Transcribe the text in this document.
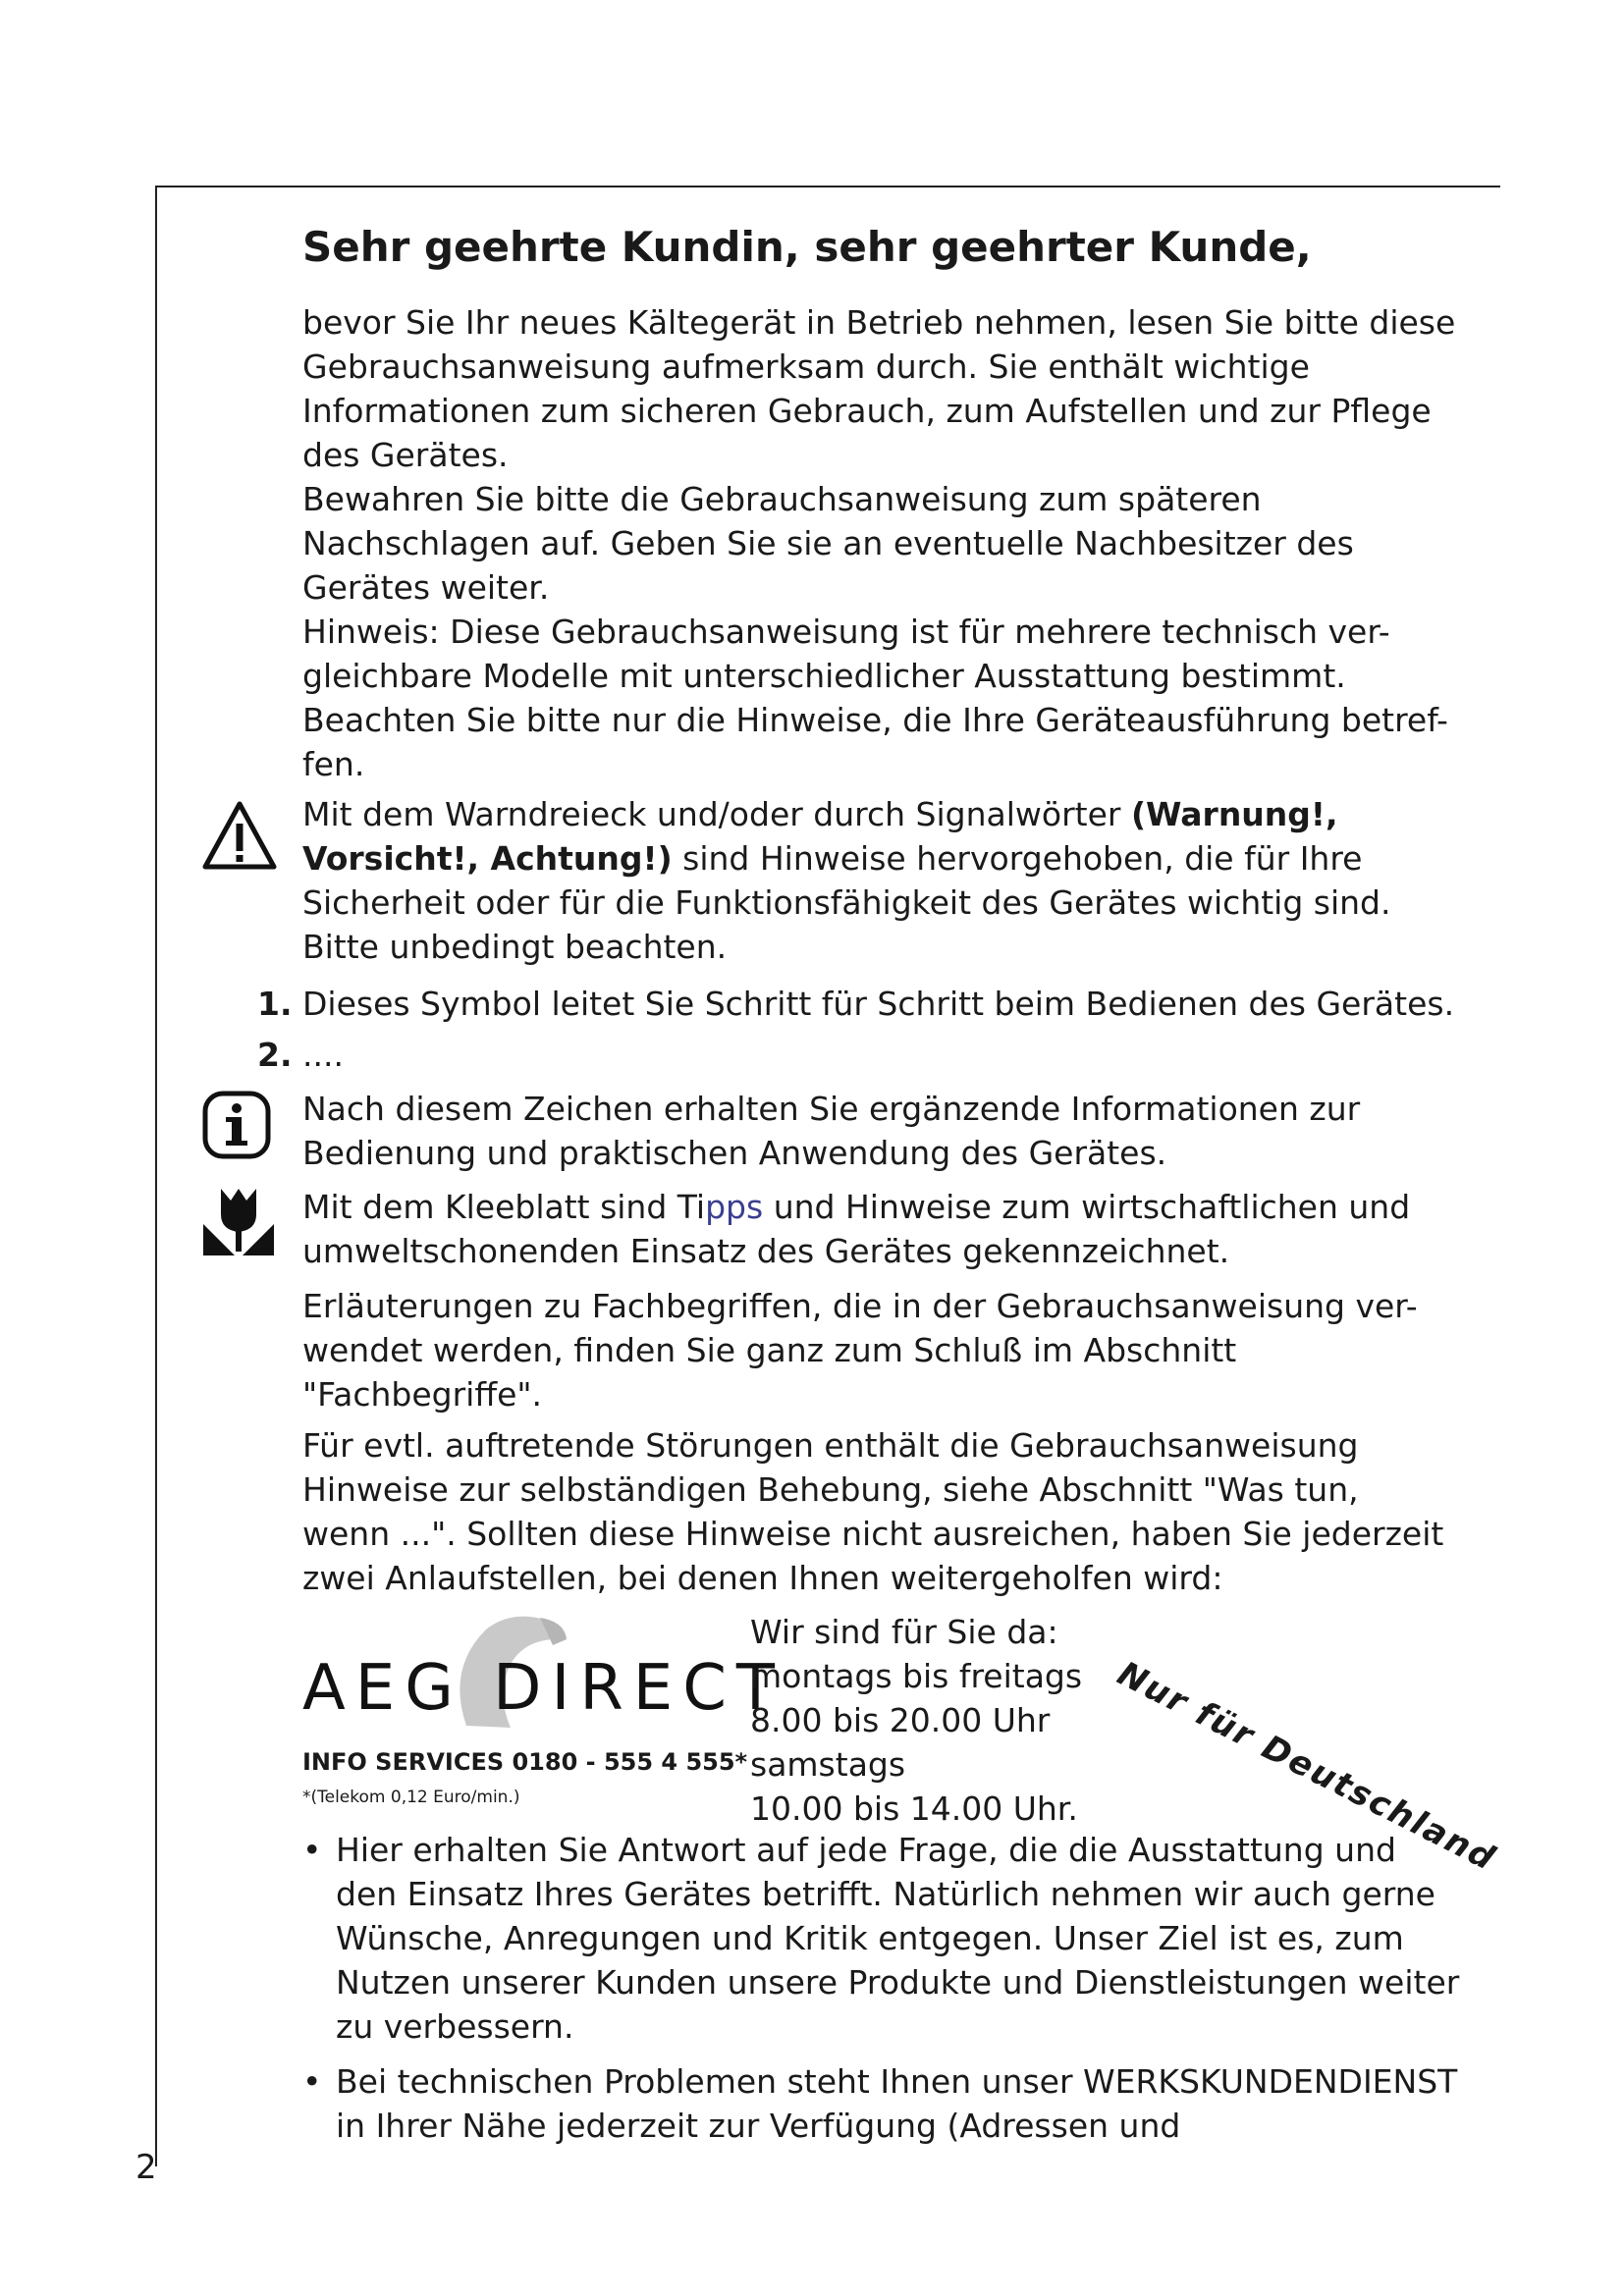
Sehr geehrte Kundin, sehr geehrter Kunde,
bevor Sie Ihr neues Kältegerät in Betrieb nehmen, lesen Sie bitte diese
Gebrauchsanweisung aufmerksam durch. Sie enthält wichtige
Informationen zum sicheren Gebrauch, zum Aufstellen und zur Pflege
des Gerätes.
Bewahren Sie bitte die Gebrauchsanweisung zum späteren
Nachschlagen auf. Geben Sie sie an eventuelle Nachbesitzer des
Gerätes weiter.
Hinweis: Diese Gebrauchsanweisung ist für mehrere technisch ver-
gleichbare Modelle mit unterschiedlicher Ausstattung bestimmt.
Beachten Sie bitte nur die Hinweise, die Ihre Geräteausführung betref-
fen.
Mit dem Warndreieck und/oder durch Signalwörter (Warnung!,
Vorsicht!, Achtung!) sind Hinweise hervorgehoben, die für Ihre
Sicherheit oder für die Funktionsfähigkeit des Gerätes wichtig sind.
Bitte unbedingt beachten.
1. Dieses Symbol leitet Sie Schritt für Schritt beim Bedienen des Gerätes.
2. ....
Nach diesem Zeichen erhalten Sie ergänzende Informationen zur
Bedienung und praktischen Anwendung des Gerätes.
Mit dem Kleeblatt sind Tipps und Hinweise zum wirtschaftlichen und
umweltschonenden Einsatz des Gerätes gekennzeichnet.
Erläuterungen zu Fachbegriffen, die in der Gebrauchsanweisung ver-
wendet werden, finden Sie ganz zum Schluß im Abschnitt
"Fachbegriffe".
Für evtl. auftretende Störungen enthält die Gebrauchsanweisung
Hinweise zur selbständigen Behebung, siehe Abschnitt "Was tun,
wenn ...". Sollten diese Hinweise nicht ausreichen, haben Sie jederzeit
zwei Anlaufstellen, bei denen Ihnen weitergeholfen wird:
AEG DIRECT
INFO SERVICES 0180 - 555 4 555*
*(Telekom 0,12 Euro/min.)
Wir sind für Sie da:
montags bis freitags
8.00 bis 20.00 Uhr
samstags
10.00 bis 14.00 Uhr. Nur für Deutschland
• Hier erhalten Sie Antwort auf jede Frage, die die Ausstattung und
den Einsatz Ihres Gerätes betrifft. Natürlich nehmen wir auch gerne
Wünsche, Anregungen und Kritik entgegen. Unser Ziel ist es, zum
Nutzen unserer Kunden unsere Produkte und Dienstleistungen weiter
zu verbessern.
• Bei technischen Problemen steht Ihnen unser WERKSKUNDENDIENST
in Ihrer Nähe jederzeit zur Verfügung (Adressen und
2
